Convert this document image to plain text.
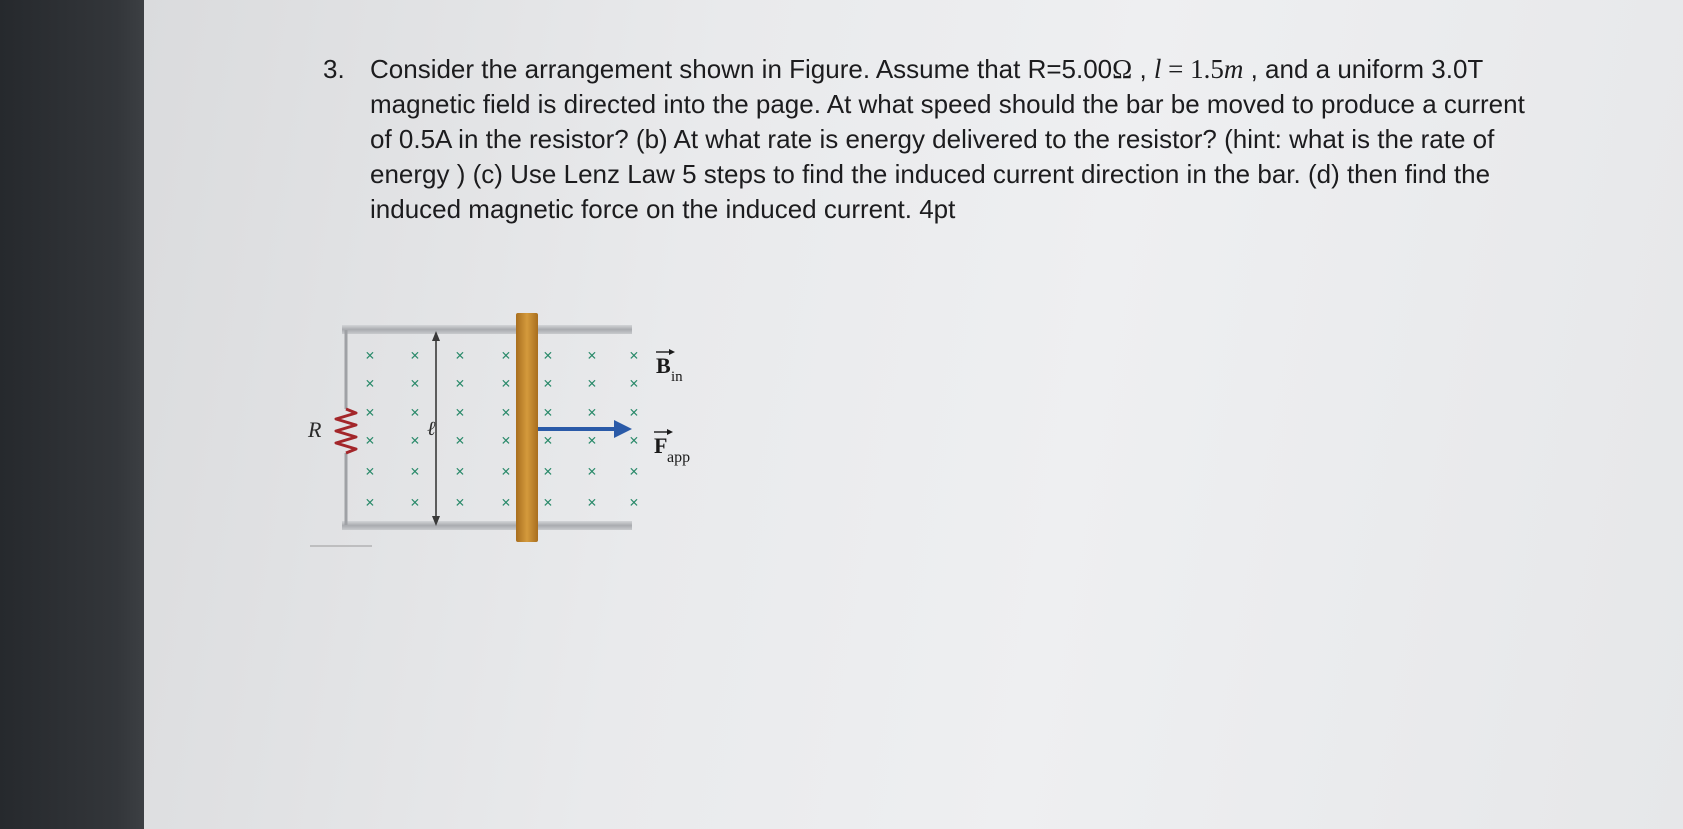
3. Consider the arrangement shown in Figure. Assume that R=5.00Ω , l = 1.5m , and a uniform 3.0T magnetic field is directed into the page. At what speed should the bar be moved to produce a current of 0.5A in the resistor? (b) At what rate is energy delivered to the resistor? (hint: what is the rate of energy ) (c) Use Lenz Law 5 steps to find the induced current direction in the bar. (d) then find the induced magnetic force on the induced current. 4pt
× × × × × × ×
× × × × × × ×
× × × × × × ×
× × × × × × ×
× × × × × × ×
× × × × × × ×
ℓ
R
B in
F app
